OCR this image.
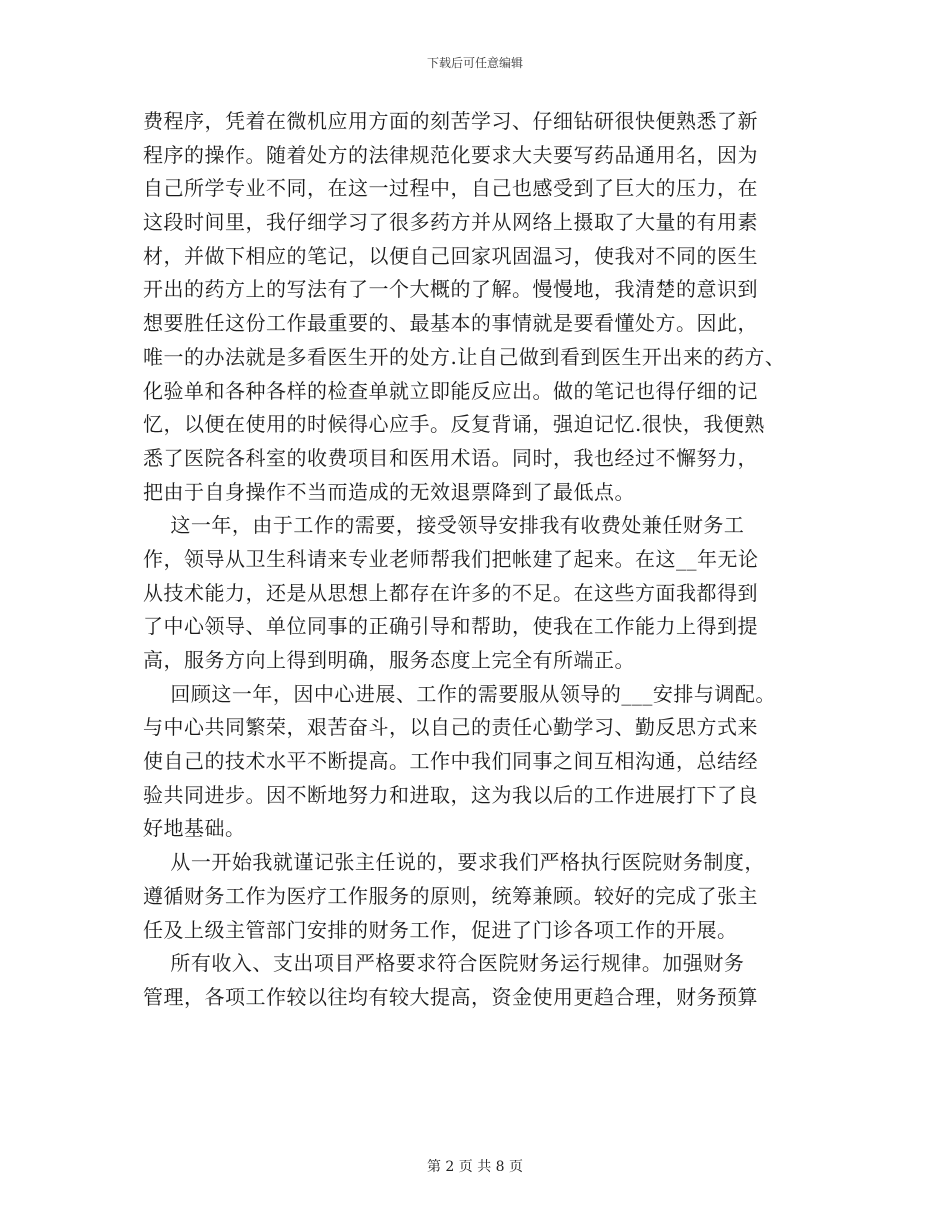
下载后可任意编辑
费程序，凭着在微机应用方面的刻苦学习、仔细钻研很快便熟悉了新
程序的操作。随着处方的法律规范化要求大夫要写药品通用名，因为
自己所学专业不同，在这一过程中，自己也感受到了巨大的压力，在
这段时间里，我仔细学习了很多药方并从网络上摄取了大量的有用素
材，并做下相应的笔记，以便自己回家巩固温习，使我对不同的医生
开出的药方上的写法有了一个大概的了解。慢慢地，我清楚的意识到
想要胜任这份工作最重要的、最基本的事情就是要看懂处方。因此，
唯一的办法就是多看医生开的处方.让自己做到看到医生开出来的药方、
化验单和各种各样的检查单就立即能反应出。做的笔记也得仔细的记
忆，以便在使用的时候得心应手。反复背诵，强迫记忆.很快，我便熟
悉了医院各科室的收费项目和医用术语。同时，我也经过不懈努力，
把由于自身操作不当而造成的无效退票降到了最低点。
这一年，由于工作的需要，接受领导安排我有收费处兼任财务工
作，领导从卫生科请来专业老师帮我们把帐建了起来。在这__年无论
从技术能力，还是从思想上都存在许多的不足。在这些方面我都得到
了中心领导、单位同事的正确引导和帮助，使我在工作能力上得到提
高，服务方向上得到明确，服务态度上完全有所端正。
回顾这一年，因中心进展、工作的需要服从领导的___安排与调配。
与中心共同繁荣，艰苦奋斗，以自己的责任心勤学习、勤反思方式来
使自己的技术水平不断提高。工作中我们同事之间互相沟通，总结经
验共同进步。因不断地努力和进取，这为我以后的工作进展打下了良
好地基础。
从一开始我就谨记张主任说的，要求我们严格执行医院财务制度，
遵循财务工作为医疗工作服务的原则，统筹兼顾。较好的完成了张主
任及上级主管部门安排的财务工作，促进了门诊各项工作的开展。
所有收入、支出项目严格要求符合医院财务运行规律。加强财务
管理，各项工作较以往均有较大提高，资金使用更趋合理，财务预算
第 2 页 共 8 页
